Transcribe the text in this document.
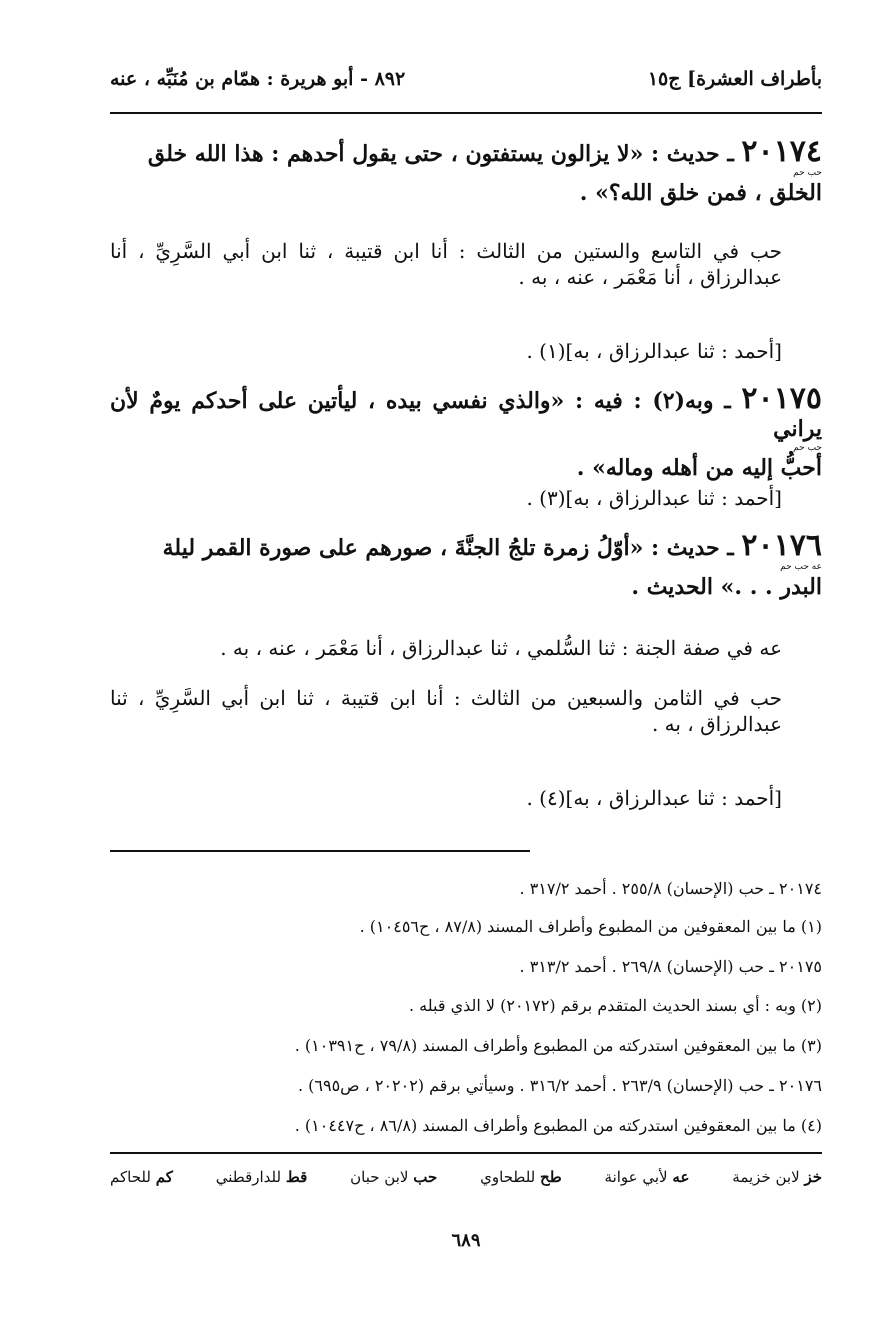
بأطراف العشرة] ج١٥
٨٩٢ - أبو هريرة : همّام بن مُنَبِّه ، عنه
٢٠١٧٤ ـ حديث : «لا يزالون يستفتون ، حتى يقول أحدهم : هذا الله خلق
حب حم
الخلق ، فمن خلق الله؟» .
حب في التاسع والستين من الثالث : أنا ابن قتيبة ، ثنا ابن أبي السَّرِيِّ ، أنا عبدالرزاق ، أنا مَعْمَر ، عنه ، به .
[أحمد : ثنا عبدالرزاق ، به](١) .
٢٠١٧٥ ـ وبه(٢) : فيه : «والذي نفسي بيده ، ليأتين على أحدكم يومٌ لأن يراني
حب حم
أحبُّ إليه من أهله وماله» .
[أحمد : ثنا عبدالرزاق ، به](٣) .
٢٠١٧٦ ـ حديث : «أوّلُ زمرة تلجُ الجنَّةَ ، صورهم على صورة القمر ليلة
عه حب حم
البدر . . .» الحديث .
عه في صفة الجنة : ثنا السُّلمي ، ثنا عبدالرزاق ، أنا مَعْمَر ، عنه ، به .
حب في الثامن والسبعين من الثالث : أنا ابن قتيبة ، ثنا ابن أبي السَّرِيِّ ، ثنا عبدالرزاق ، به .
[أحمد : ثنا عبدالرزاق ، به](٤) .
٢٠١٧٤ ـ حب (الإحسان) ٢٥٥/٨ . أحمد ٣١٧/٢ .
(١) ما بين المعقوفين من المطبوع وأطراف المسند (٨٧/٨ ، ح١٠٤٥٦) .
٢٠١٧٥ ـ حب (الإحسان) ٢٦٩/٨ . أحمد ٣١٣/٢ .
(٢) وبه : أي بسند الحديث المتقدم برقم (٢٠١٧٢) لا الذي قبله .
(٣) ما بين المعقوفين استدركته من المطبوع وأطراف المسند (٧٩/٨ ، ح١٠٣٩١) .
٢٠١٧٦ ـ حب (الإحسان) ٢٦٣/٩ . أحمد ٣١٦/٢ . وسيأتي برقم (٢٠٢٠٢ ، ص٦٩٥) .
(٤) ما بين المعقوفين استدركته من المطبوع وأطراف المسند (٨٦/٨ ، ح١٠٤٤٧) .
خز لابن خزيمة
عه لأبي عوانة
طح للطحاوي
حب لابن حبان
قط للدارقطني
كم للحاكم
٦٨٩
